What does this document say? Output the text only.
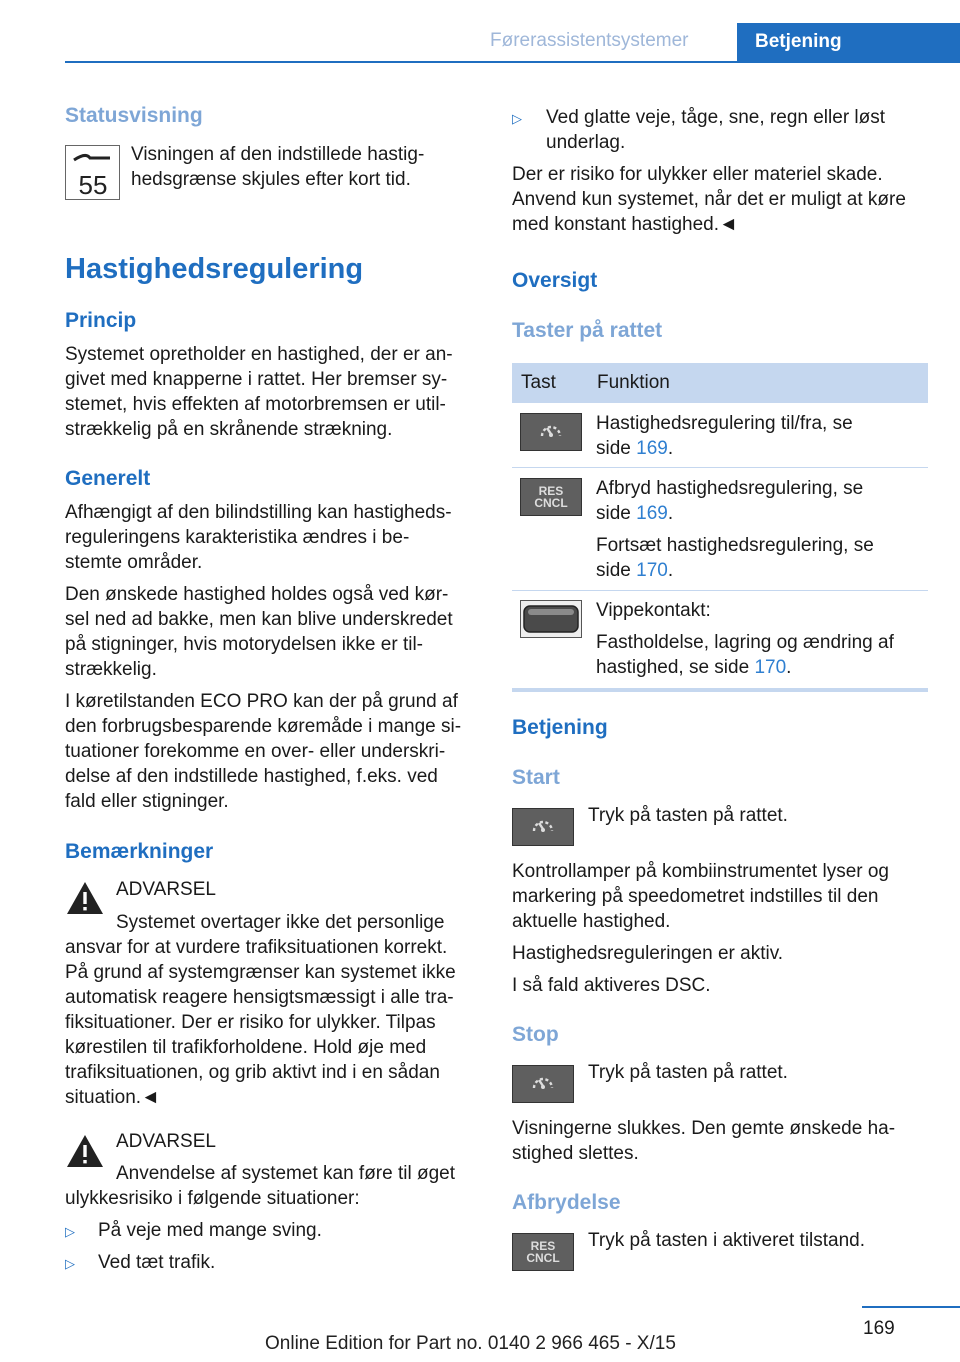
Førerassistentsystemer	Betjening
Statusvisning
55
Visningen af den indstillede hastig-
hedsgrænse skjules efter kort tid.
Hastighedsregulering
Princip
Systemet opretholder en hastighed, der er an-
givet med knapperne i rattet. Her bremser sy-
stemet, hvis effekten af motorbremsen er util-
strækkelig på en skrånende strækning.
Generelt
Afhængigt af den bilindstilling kan hastigheds-
reguleringens karakteristika ændres i be-
stemte områder.
Den ønskede hastighed holdes også ved kør-
sel ned ad bakke, men kan blive underskredet
på stigninger, hvis motorydelsen ikke er til-
strækkelig.
I køretilstanden ECO PRO kan der på grund af
den forbrugsbesparende køremåde i mange si-
tuationer forekomme en over- eller underskri-
delse af den indstillede hastighed, f.eks. ved
fald eller stigninger.
Bemærkninger
ADVARSEL
Systemet overtager ikke det personlige
ansvar for at vurdere trafiksituationen korrekt.
På grund af systemgrænser kan systemet ikke
automatisk reagere hensigtsmæssigt i alle tra-
fiksituationer. Der er risiko for ulykker. Tilpas
kørestilen til trafikforholdene. Hold øje med
trafiksituationen, og grib aktivt ind i en sådan
situation.◄
ADVARSEL
Anvendelse af systemet kan føre til øget
ulykkesrisiko i følgende situationer:
▷ På veje med mange sving.
▷ Ved tæt trafik.
▷ Ved glatte veje, tåge, sne, regn eller løst
underlag.
Der er risiko for ulykker eller materiel skade.
Anvend kun systemet, når det er muligt at køre
med konstant hastighed.◄
Oversigt
Taster på rattet
Tast Funktion
Hastighedsregulering til/fra, se
side 169.
RES
CNCL
Afbryd hastighedsregulering, se
side 169.
Fortsæt hastighedsregulering, se
side 170.
Vippekontakt:
Fastholdelse, lagring og ændring af
hastighed, se side 170.
Betjening
Start
Tryk på tasten på rattet.
Kontrollamper på kombiinstrumentet lyser og
markering på speedometret indstilles til den
aktuelle hastighed.
Hastighedsreguleringen er aktiv.
I så fald aktiveres DSC.
Stop
Tryk på tasten på rattet.
Visningerne slukkes. Den gemte ønskede ha-
stighed slettes.
Afbrydelse
RES
CNCL
Tryk på tasten i aktiveret tilstand.
169
Online Edition for Part no. 0140 2 966 465 - X/15
